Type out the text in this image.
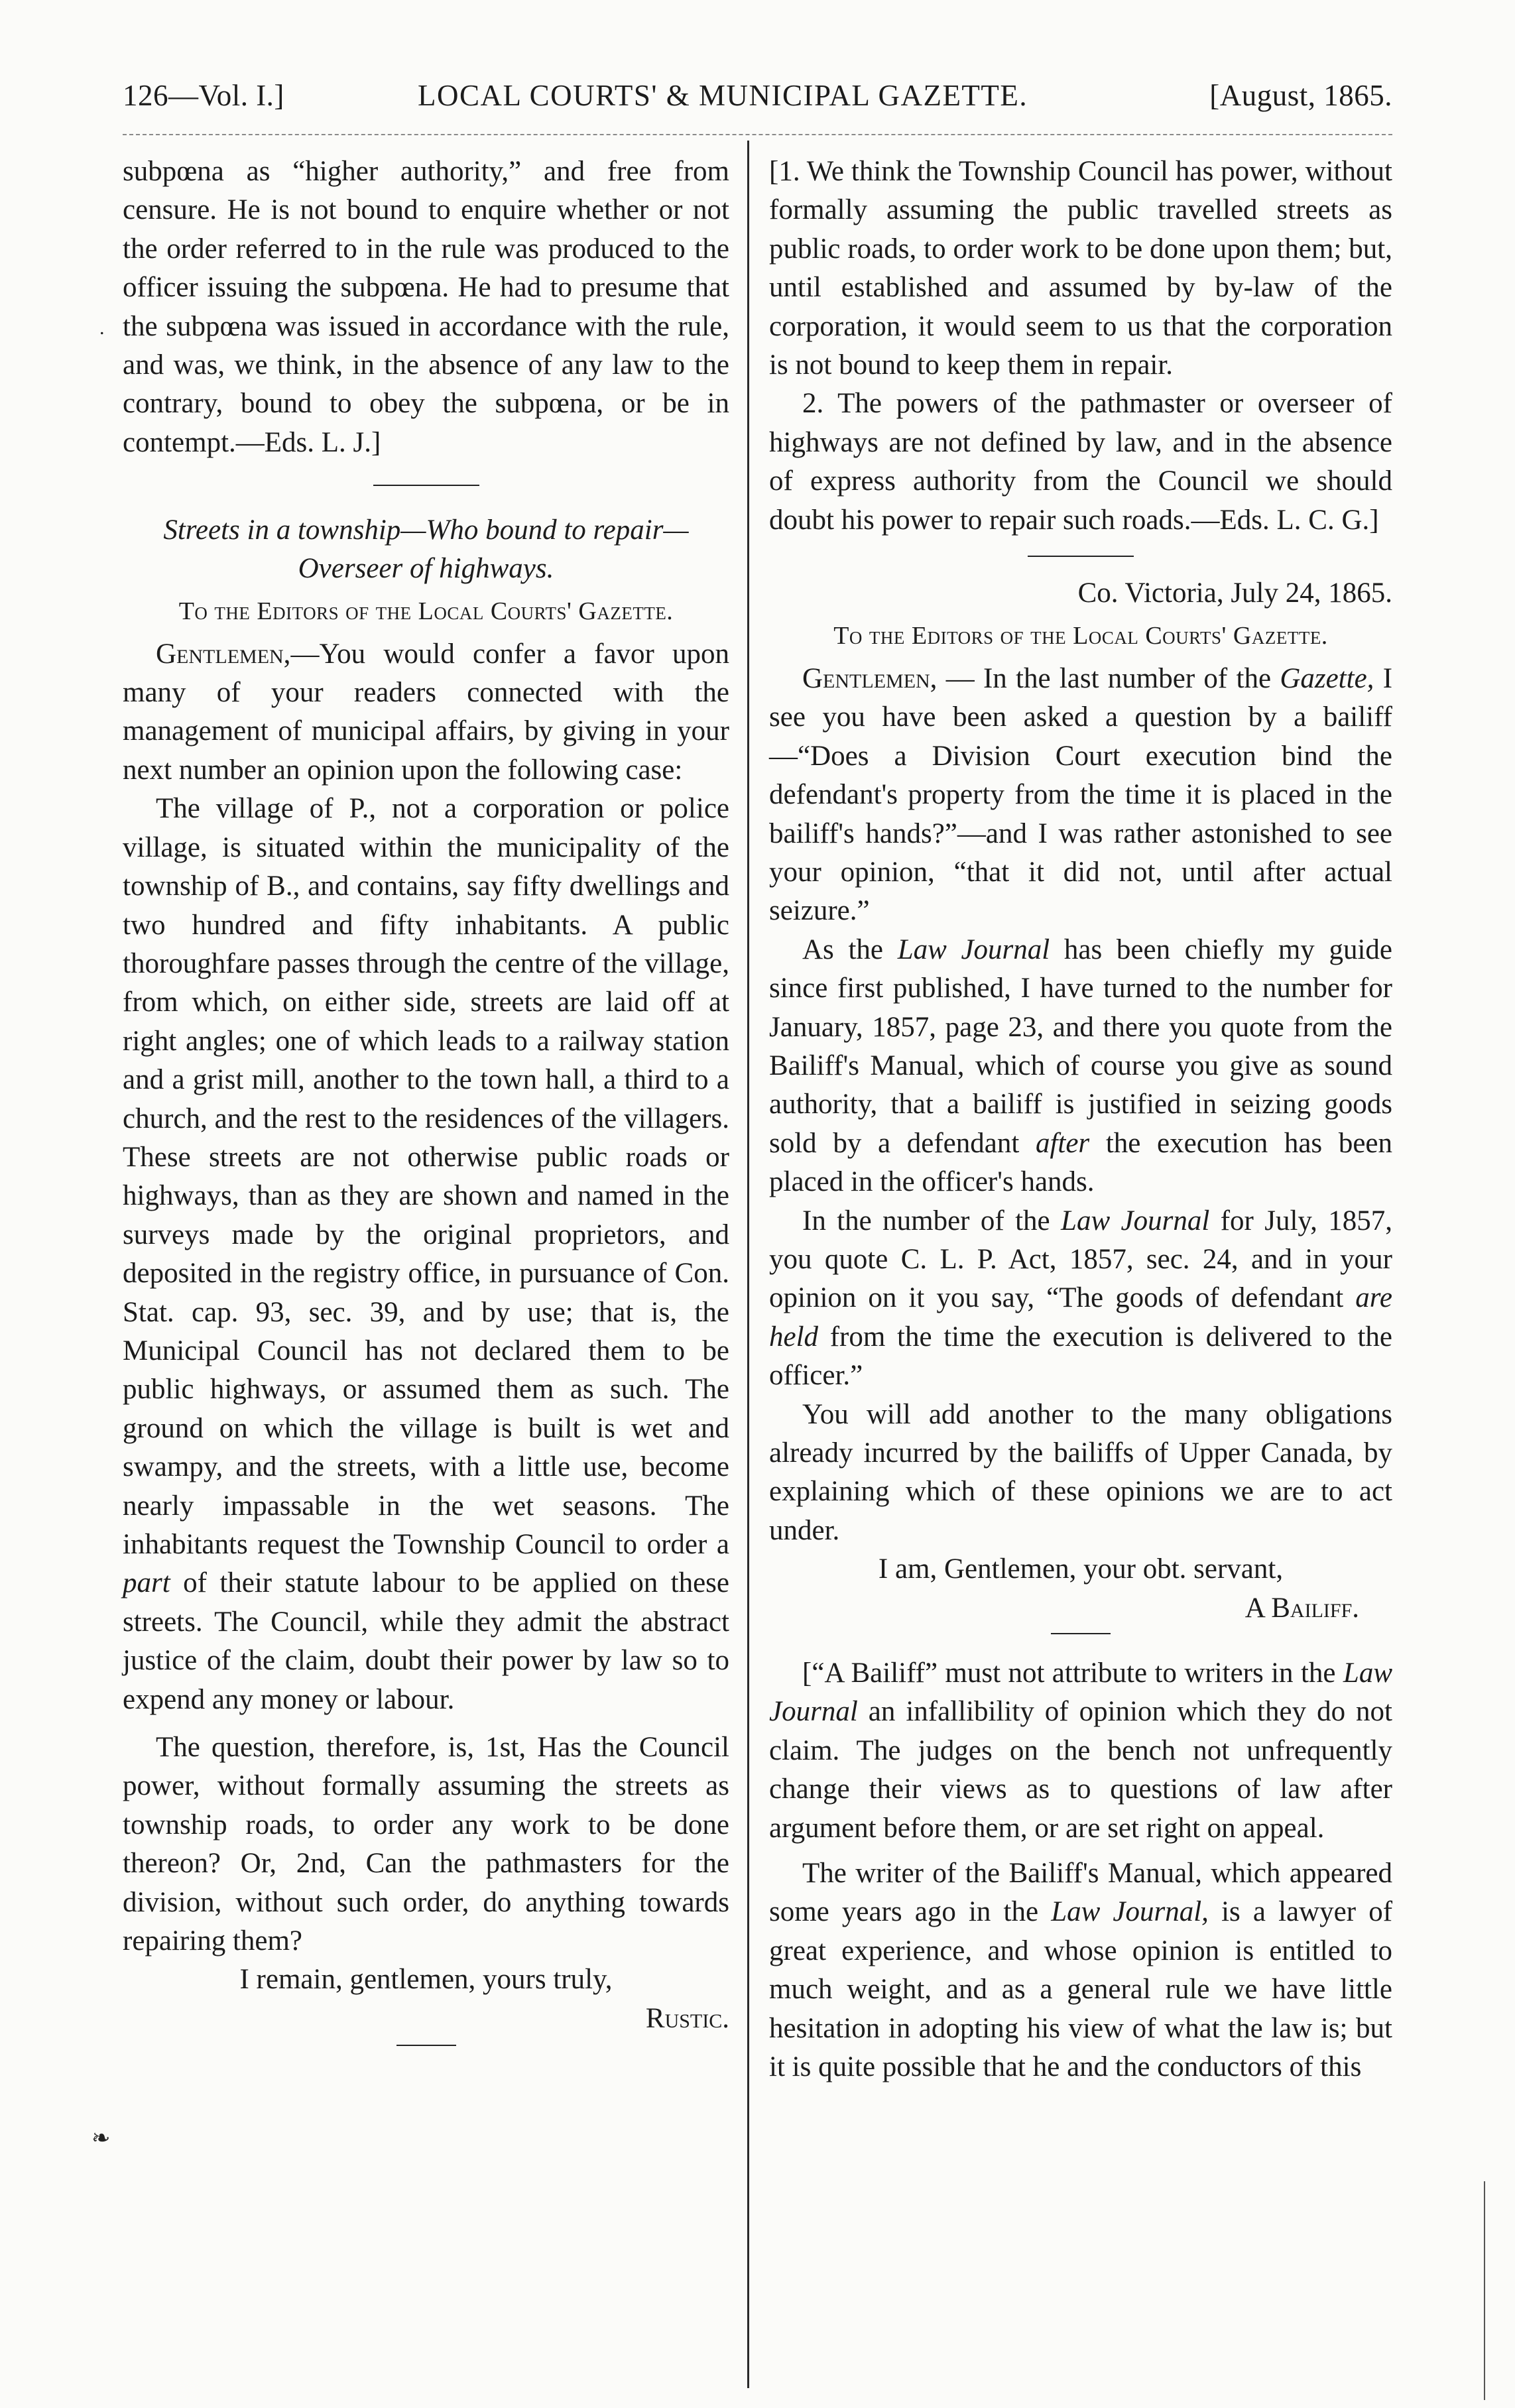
126—Vol. I.]	LOCAL COURTS' & MUNICIPAL GAZETTE.	[August, 1865.
.
❧

subpœna as “higher authority,” and free from censure. He is not bound to enquire whether or not the order referred to in the rule was produced to the officer issuing the subpœna. He had to presume that the subpœna was issued in accordance with the rule, and was, we think, in the absence of any law to the contrary, bound to obey the subpœna, or be in contempt.—Eds. L. J.]

Streets in a township—Who bound to repair—
Overseer of highways.
To the Editors of the Local Courts' Gazette.

Gentlemen,—You would confer a favor upon many of your readers connected with the management of municipal affairs, by giving in your next number an opinion upon the following case:

The village of P., not a corporation or police village, is situated within the municipality of the township of B., and contains, say fifty dwellings and two hundred and fifty inhabitants. A public thoroughfare passes through the centre of the village, from which, on either side, streets are laid off at right angles; one of which leads to a railway station and a grist mill, another to the town hall, a third to a church, and the rest to the residences of the villagers. These streets are not otherwise public roads or highways, than as they are shown and named in the surveys made by the original proprietors, and deposited in the registry office, in pursuance of Con. Stat. cap. 93, sec. 39, and by use; that is, the Municipal Council has not declared them to be public highways, or assumed them as such. The ground on which the village is built is wet and swampy, and the streets, with a little use, become nearly impassable in the wet seasons. The inhabitants request the Township Council to order a part of their statute labour to be applied on these streets. The Council, while they admit the abstract justice of the claim, doubt their power by law so to expend any money or labour.

The question, therefore, is, 1st, Has the Council power, without formally assuming the streets as township roads, to order any work to be done thereon? Or, 2nd, Can the pathmasters for the division, without such order, do anything towards repairing them?

I remain, gentlemen, yours truly,

Rustic.

[1. We think the Township Council has power, without formally assuming the public travelled streets as public roads, to order work to be done upon them; but, until established and assumed by by-law of the corporation, it would seem to us that the corporation is not bound to keep them in repair.

2. The powers of the pathmaster or overseer of highways are not defined by law, and in the absence of express authority from the Council we should doubt his power to repair such roads.—Eds. L. C. G.]

Co. Victoria, July 24, 1865.

To the Editors of the Local Courts' Gazette.

Gentlemen, — In the last number of the Gazette, I see you have been asked a question by a bailiff—“Does a Division Court execution bind the defendant's property from the time it is placed in the bailiff's hands?”—and I was rather astonished to see your opinion, “that it did not, until after actual seizure.”

As the Law Journal has been chiefly my guide since first published, I have turned to the number for January, 1857, page 23, and there you quote from the Bailiff's Manual, which of course you give as sound authority, that a bailiff is justified in seizing goods sold by a defendant after the execution has been placed in the officer's hands.

In the number of the Law Journal for July, 1857, you quote C. L. P. Act, 1857, sec. 24, and in your opinion on it you say, “The goods of defendant are held from the time the execution is delivered to the officer.”

You will add another to the many obligations already incurred by the bailiffs of Upper Canada, by explaining which of these opinions we are to act under.

I am, Gentlemen, your obt. servant,

A Bailiff.

[“A Bailiff” must not attribute to writers in the Law Journal an infallibility of opinion which they do not claim. The judges on the bench not unfrequently change their views as to questions of law after argument before them, or are set right on appeal.

The writer of the Bailiff's Manual, which appeared some years ago in the Law Journal, is a lawyer of great experience, and whose opinion is entitled to much weight, and as a general rule we have little hesitation in adopting his view of what the law is; but it is quite possible that he and the conductors of this
